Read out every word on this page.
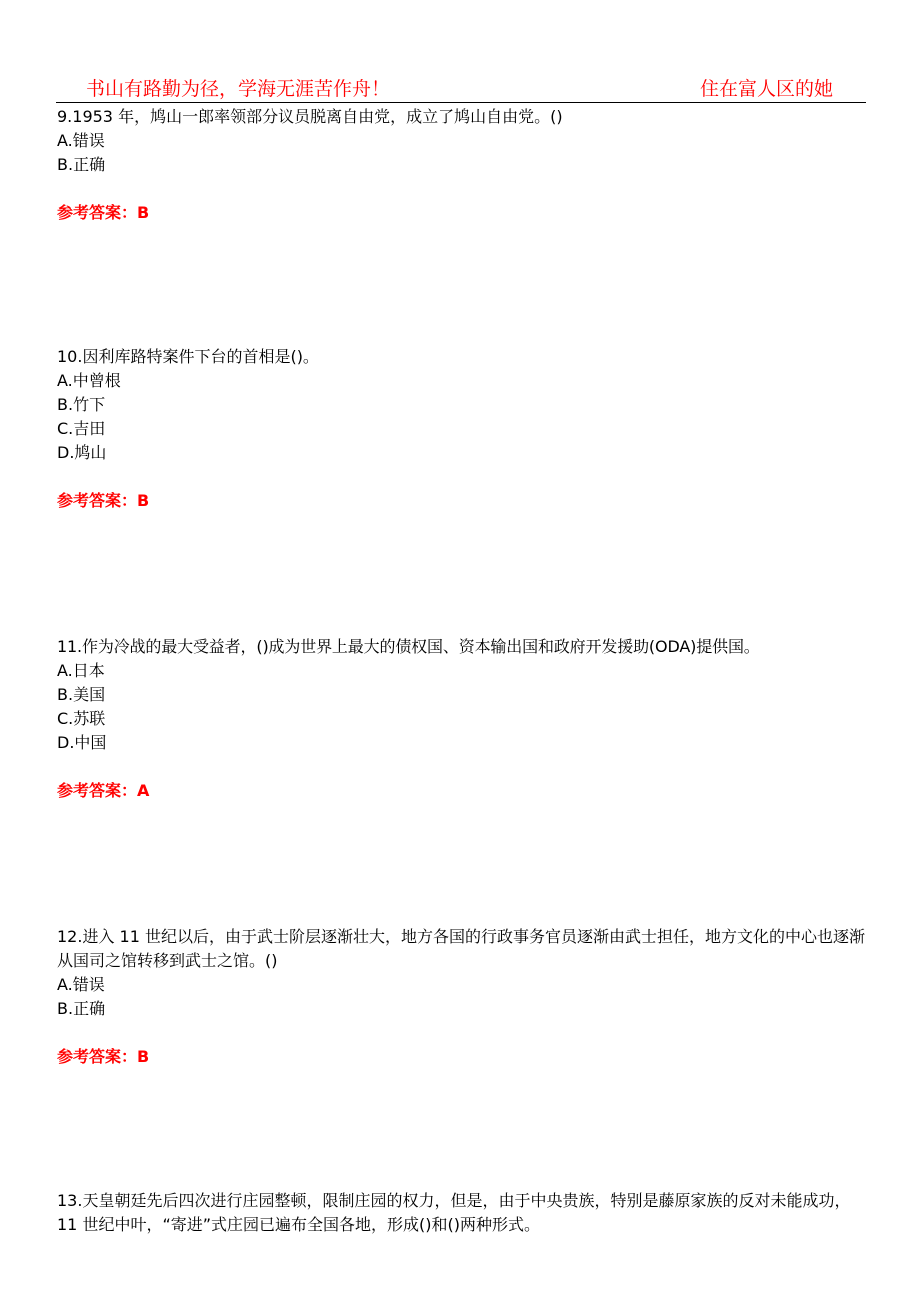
书山有路勤为径，学海无涯苦作舟！	住在富人区的她

9.1953 年，鸠山一郎率领部分议员脱离自由党，成立了鸠山自由党。()

A.错误

B.正确

参考答案：B

10.因利库路特案件下台的首相是()。

A.中曾根

B.竹下

C.吉田

D.鸠山

参考答案：B

11.作为冷战的最大受益者，()成为世界上最大的债权国、资本输出国和政府开发援助(ODA)提供国。

A.日本

B.美国

C.苏联

D.中国

参考答案：A

12.进入 11 世纪以后，由于武士阶层逐渐壮大，地方各国的行政事务官员逐渐由武士担任，地方文化的中心也逐渐从国司之馆转移到武士之馆。()

A.错误

B.正确

参考答案：B

13.天皇朝廷先后四次进行庄园整顿，限制庄园的权力，但是，由于中央贵族，特别是藤原家族的反对未能成功，11 世纪中叶，“寄进”式庄园已遍布全国各地，形成()和()两种形式。
